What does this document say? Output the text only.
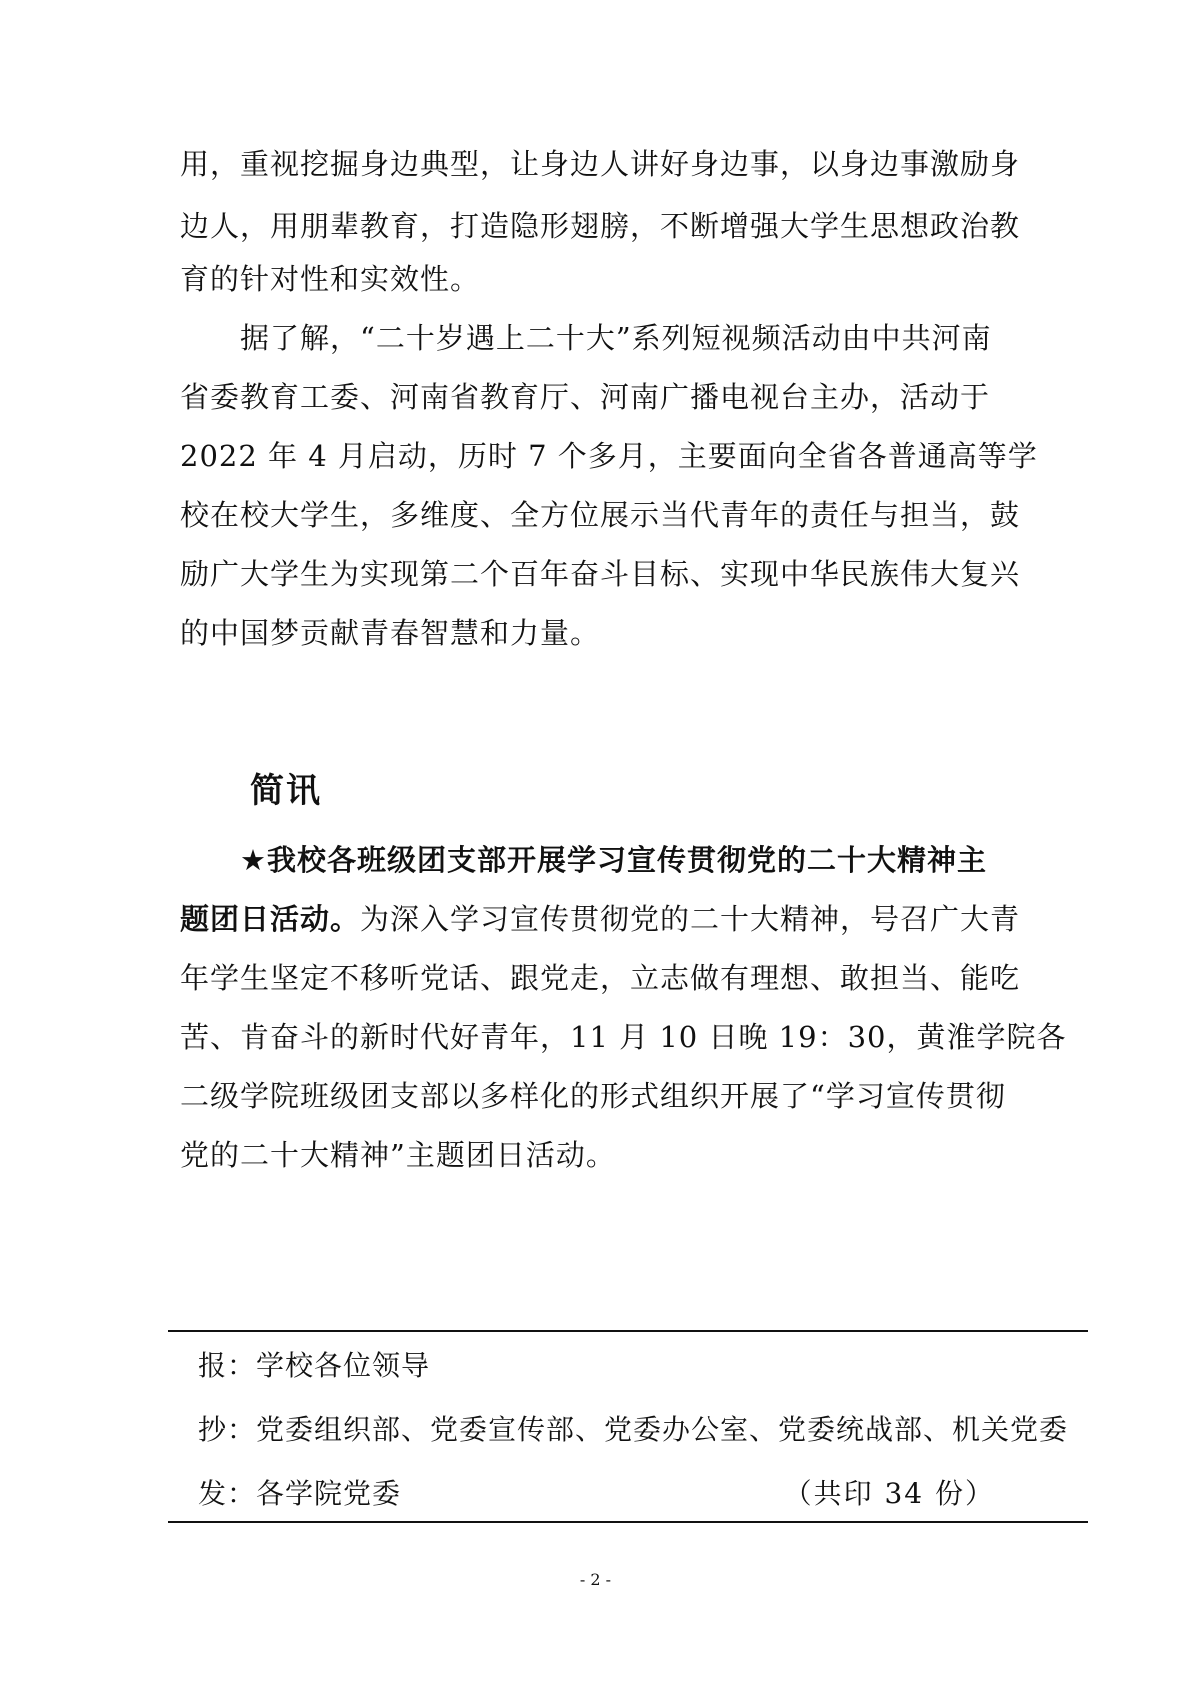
用，重视挖掘身边典型，让身边人讲好身边事，以身边事激励身
边人，用朋辈教育，打造隐形翅膀，不断增强大学生思想政治教
育的针对性和实效性。
据了解，“二十岁遇上二十大”系列短视频活动由中共河南
省委教育工委、河南省教育厅、河南广播电视台主办，活动于
2022 年 4 月启动，历时 7 个多月，主要面向全省各普通高等学
校在校大学生，多维度、全方位展示当代青年的责任与担当，鼓
励广大学生为实现第二个百年奋斗目标、实现中华民族伟大复兴
的中国梦贡献青春智慧和力量。
简讯
★我校各班级团支部开展学习宣传贯彻党的二十大精神主
题团日活动。为深入学习宣传贯彻党的二十大精神，号召广大青
年学生坚定不移听党话、跟党走，立志做有理想、敢担当、能吃
苦、肯奋斗的新时代好青年，11 月 10 日晚 19：30，黄淮学院各
二级学院班级团支部以多样化的形式组织开展了“学习宣传贯彻
党的二十大精神”主题团日活动。
报：学校各位领导
抄：党委组织部、党委宣传部、党委办公室、党委统战部、机关党委
发：各学院党委	（共印 34 份）
- 2 -
